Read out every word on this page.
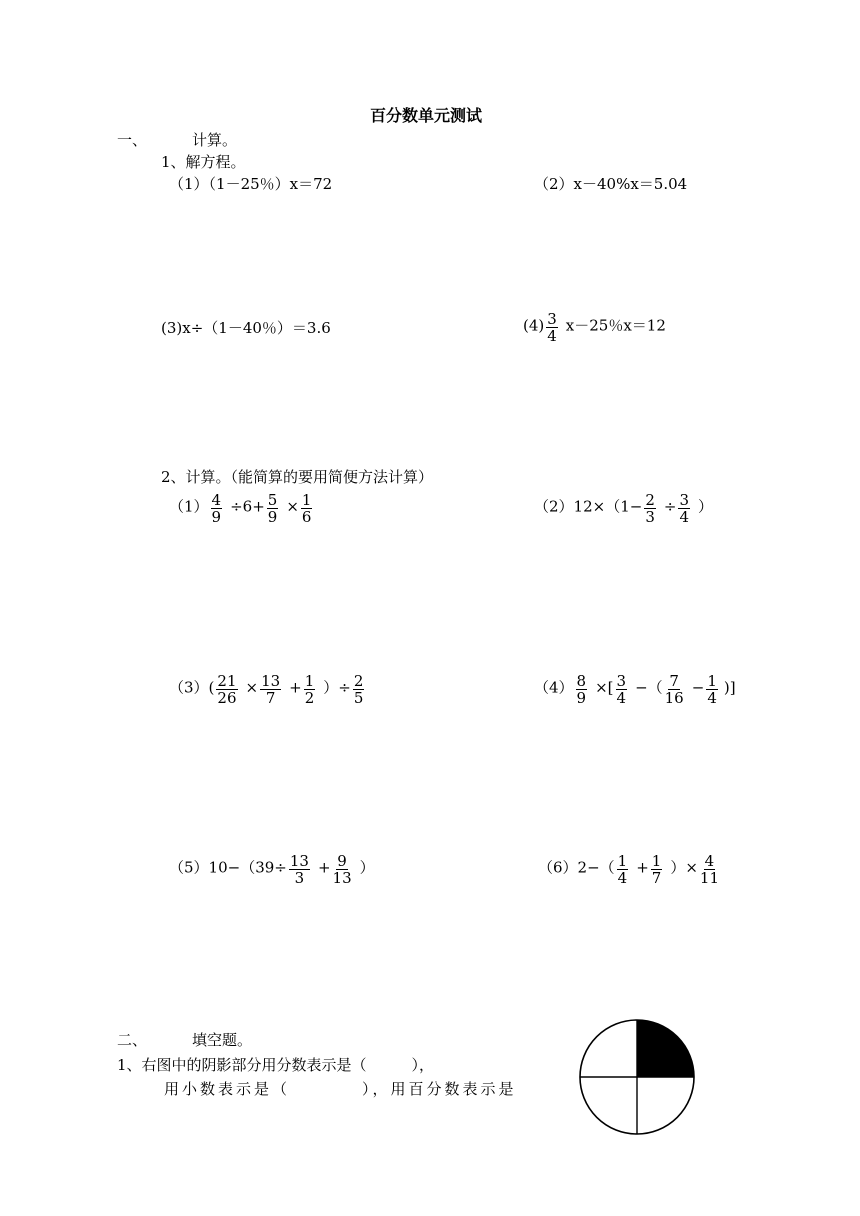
百分数单元测试
一、	计算。
1、解方程。
（1）（1－25％）x＝72	（2）x－40%x＝5.04
(3)x÷（1－40％）＝3.6	$(4) \frac{3}{4} x-25$％x＝12
2、计算。（能简算的要用简便方法计算）
$(1) \frac{4}{9} \div 6+ \frac{5}{9} \times \frac{1}{6}$	$(2)12\times(1- \frac{2}{3} \div \frac{3}{4}$ ）
$(3)( \frac{21}{26} \times \frac{13}{7} + \frac{1}{2}$ ）÷ $\frac{2}{5}$	$(4) \frac{8}{9}$ ×[ $\frac{3}{4}$ −（ $\frac{7}{16} - \frac{1}{4}$ )]
$(5)10-(39\div \frac{13}{3} + \frac{9}{13}$ ）	$(6)2-( \frac{1}{4} + \frac{1}{7}$ ）× $\frac{4}{11}$
二、	填空题。
1、右图中的阴影部分用分数表示是（　　　），
用小数表示是（　　　　），用百分数表示是
